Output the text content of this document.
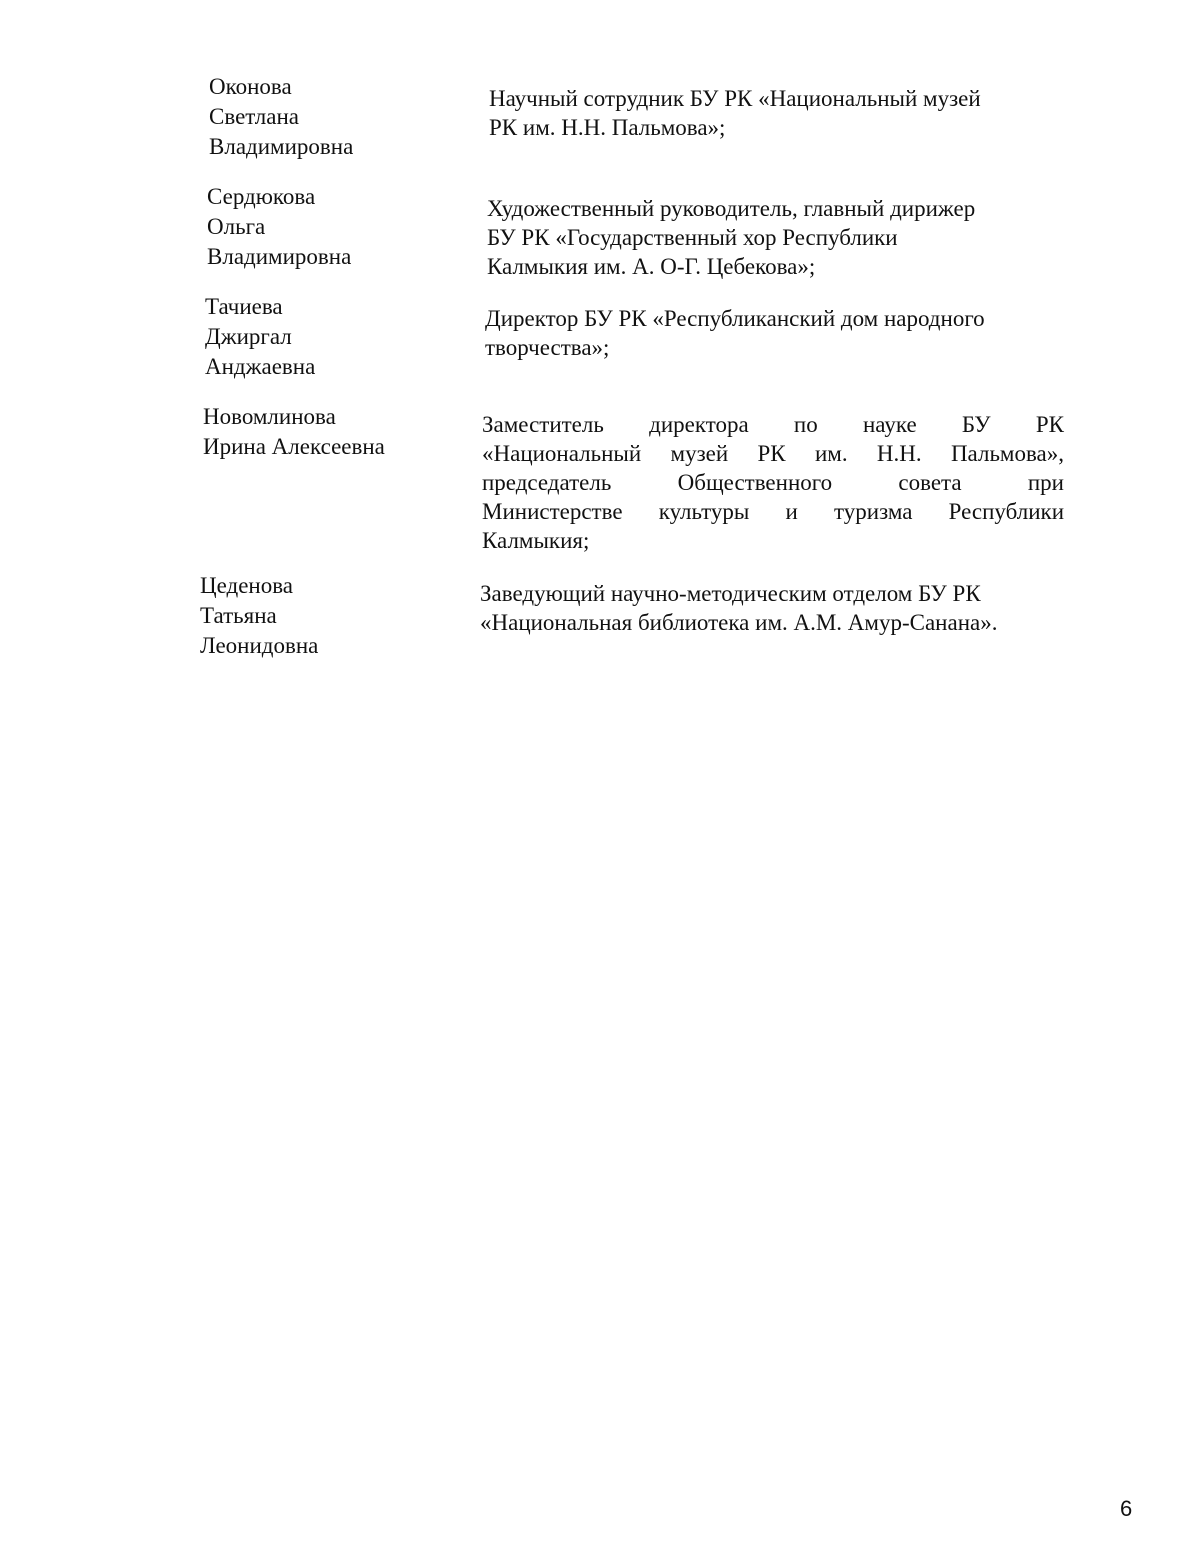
Оконова
Светлана
Владимировна
Научный сотрудник БУ РК «Национальный музей
РК им. Н.Н. Пальмова»;
Сердюкова
Ольга
Владимировна
Художественный руководитель, главный дирижер
БУ РК «Государственный хор Республики
Калмыкия им. А. О-Г. Цебекова»;
Тачиева
Джиргал
Анджаевна
Директор БУ РК «Республиканский дом народного
творчества»;
Новомлинова
Ирина Алексеевна
Заместитель директора по науке БУ РК
«Национальный музей РК им. Н.Н. Пальмова»,
председатель Общественного совета при
Министерстве культуры и туризма Республики
Калмыкия;
Цеденова
Татьяна
Леонидовна
Заведующий научно-методическим отделом БУ РК
«Национальная библиотека им. А.М. Амур-Санана».
6
